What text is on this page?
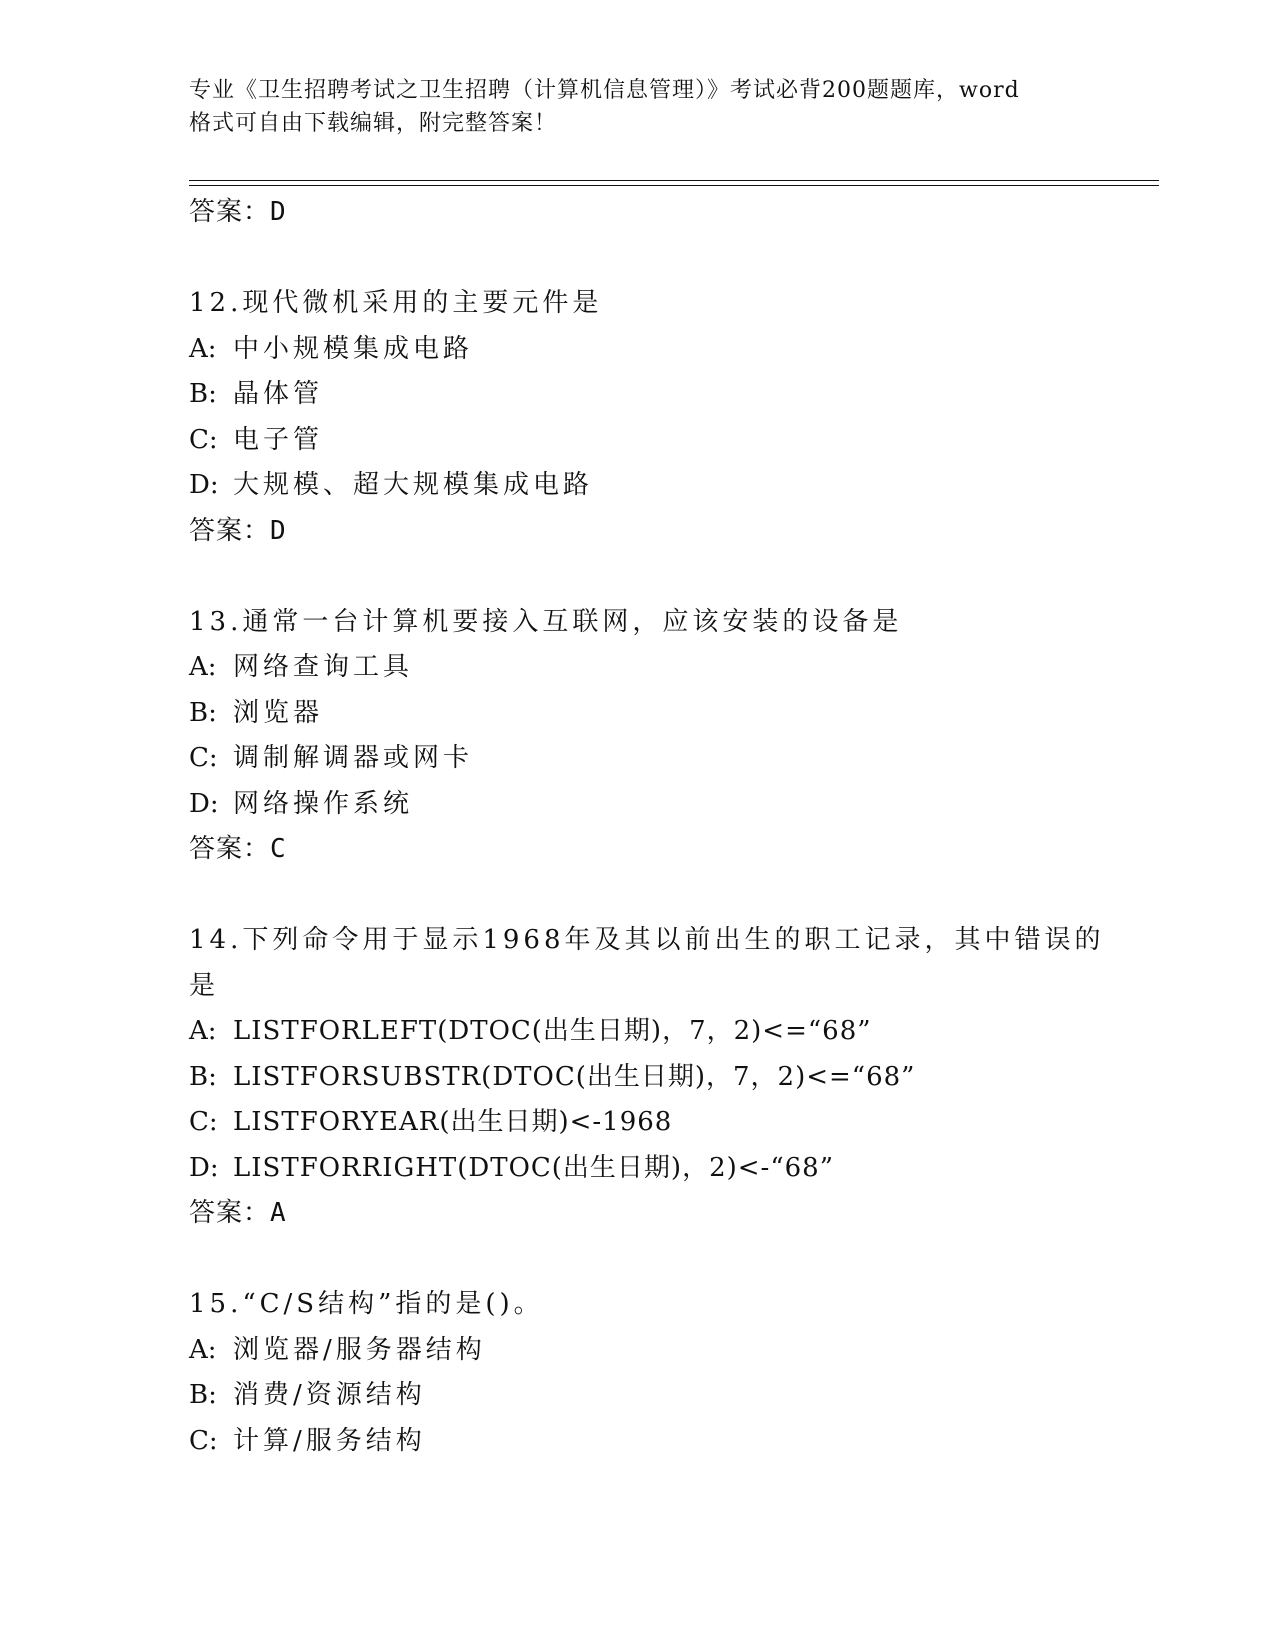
专业《卫生招聘考试之卫生招聘（计算机信息管理）》考试必背200题题库，word
格式可自由下载编辑，附完整答案！
答案：D
12.现代微机采用的主要元件是
A: 中小规模集成电路
B: 晶体管
C: 电子管
D: 大规模、超大规模集成电路
答案：D
13.通常一台计算机要接入互联网，应该安装的设备是
A: 网络查询工具
B: 浏览器
C: 调制解调器或网卡
D: 网络操作系统
答案：C
14.下列命令用于显示1968年及其以前出生的职工记录，其中错误的
是
A: LISTFORLEFT(DTOC(出生日期)，7，2)<=“68”
B: LISTFORSUBSTR(DTOC(出生日期)，7，2)<=“68”
C: LISTFORYEAR(出生日期)<-1968
D: LISTFORRIGHT(DTOC(出生日期)，2)<-“68”
答案：A
15.“C/S结构”指的是()。
A: 浏览器/服务器结构
B: 消费/资源结构
C: 计算/服务结构
